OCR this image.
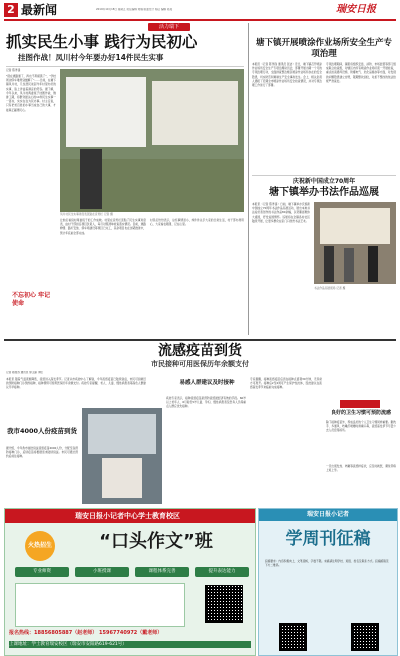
2 最新闻	2019年10月18日 星期五 责任编辑 刘瑞 版面设计 杨启 编辑 陈燕	瑞安日报
活力瑞下
抓实民生小事 践行为民初心
挂图作战！凤川村今年要办好14件民生实事
记者 陈孝锋
"现在道路通了，再也不用摸黑了"，"学校周边停车难得到缓解了"……日前，在塘下镇凤川村，几位居民谈起今年村里办好的实事，脸上洋溢着满意的笑容。据了解，今年以来，凤川村两委班子挂图作战、倒排工期，将群众最关心的14件民生实事一一落实，实实在在为民办事。村主任说，只有把老百姓的小事当成自己的大事，才能真正赢得民心。
凤川村民生实事进度表张贴在宣传栏 记者 摄
让他们看到村两委班子的工作成效。村里在宣传栏张贴了民生实事进度表，由村干部担任项目负责人，每月对照清单检查落实情况。目前，道路修缮、路灯安装、停车场建设等项目已完工，其余项目也在加紧推进中，预计年底前全部完成。
村民们纷纷表示，这些事情虽小，却件件关乎大家的日常生活，村干部办得用心，大家看在眼里、记在心里。
不忘初心 牢记使命
塘下镇开展喷涂作业场所安全生产专项治理
本报讯（记者 陈孝锋 通讯员 张洁）近日，塘下镇召开喷涂作业场所安全生产专项治理动员会，部署开展为期一个月的专项治理行动，全面排查整治辖区喷涂作业场所存在的安全隐患，切实防范和遏制生产安全事故发生。会上，相关负责人通报了近期全市喷涂作业场所安全检查情况，并对专项治理工作进行了部署。
专项治理期间，镇里将组织安监、消防、市场监管等部门组成联合检查组，对辖区内所有喷涂作业场所逐一开展检查，重点检查通风设施、防爆电气、危化品储存等方面，对发现的问题隐患建立台账，限期整改到位，对拒不整改的依法依规严肃查处。
庆祝新中国成立70周年
塘下镇举办书法作品巡展
本报讯（记者 陈孝锋）日前，塘下镇举办庆祝新中国成立70周年书法作品巡展活动，展出本地书法爱好者创作的书法作品80余幅，以笔墨讴歌伟大祖国，抒发爱国情怀。巡展将在全镇各村社区陆续开展，让更多群众在家门口欣赏书法艺术。
书法作品巡展现场 记者 摄
流感疫苗到货
市民接种可用医保历年余额支付
记者 陈国涛 通讯员 徐卫丽 季佳
本报讯 随着气温逐渐降低，流感进入高发季节。记者从市疾控中心了解到，今年流感疫苗已陆续到货，市民可到就近的预防接种门诊预约接种，接种费用可使用医保历年余额支付。疾控专家提醒，老人、儿童、慢性病患者等高危人群建议尽早接种。
我市4000人份疫苗到货
据介绍，今年我市首批到货流感疫苗4000人份，分配至各预防接种门诊，后续疫苗将根据需求陆续到货。市民可通过预约后前往接种。
易感人群建议及时接种
疾控专家表示，接种流感疫苗是预防流感最经济有效的手段。60岁以上老年人、6月龄至5岁儿童、孕妇、慢性病患者及医务人员等重点人群应优先接种。
专家提醒，接种流感疫苗后需在接种点留观30分钟，无异常方可离开。接种后2至4周可产生保护性抗体，因此建议在流感高发季节来临前完成接种。
良好的卫生习惯可预防流感
除了接种疫苗外，养成良好的个人卫生习惯同样重要。勤洗手、多通风、咳嗽打喷嚏时遮掩口鼻，流感高发季节尽量少去人员密集场所。
一旦出现发热、咳嗽等流感样症状，应及时就医，避免带病上班上学。
瑞安日报小记者中心学士教育校区
火热招生	“口头作文”班
专业师资	小班授课	课程体系完善	提升表达能力
报名热线：18856805887（赵老师） 15967740972（戴老师）
上课地址：学士教育瑞安校区（瑞安市安阳路619-621号）
瑞安日报小记者
学周刊征稿
投稿要求：内容积极向上，文笔流畅，字数不限。来稿请注明学校、班级、姓名及联系方式。投稿邮箱见下方二维码。
